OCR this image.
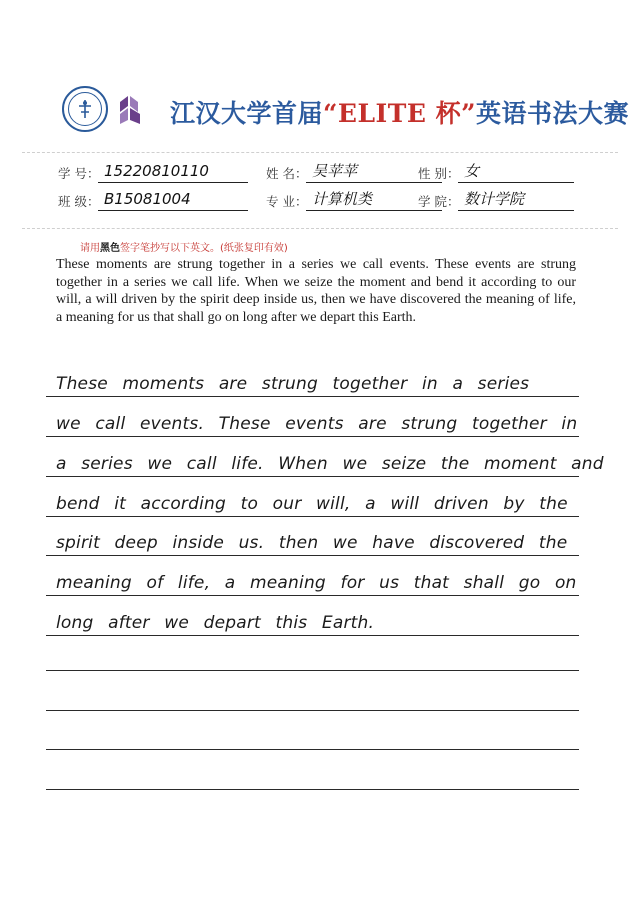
江汉大学首届“ELITE 杯”英语书法大赛
学 号： 15220810110	姓 名： 吴苹苹	性 别： 女
班 级： B15081004	专 业： 计算机类	学 院： 数计学院
请用黑色签字笔抄写以下英文。(纸张复印有效)
These moments are strung together in a series we call events. These events are strung together in a series we call life. When we seize the moment and bend it according to our will, a will driven by the spirit deep inside us, then we have discovered the meaning of life, a meaning for us that shall go on long after we depart this Earth.
These moments are strung together in a series
we call events. These events are strung together in
a series we call life. When we seize the moment and
bend it according to our will, a will driven by the
spirit deep inside us. then we have discovered the
meaning of life, a meaning for us that shall go on
long after we depart this Earth.
